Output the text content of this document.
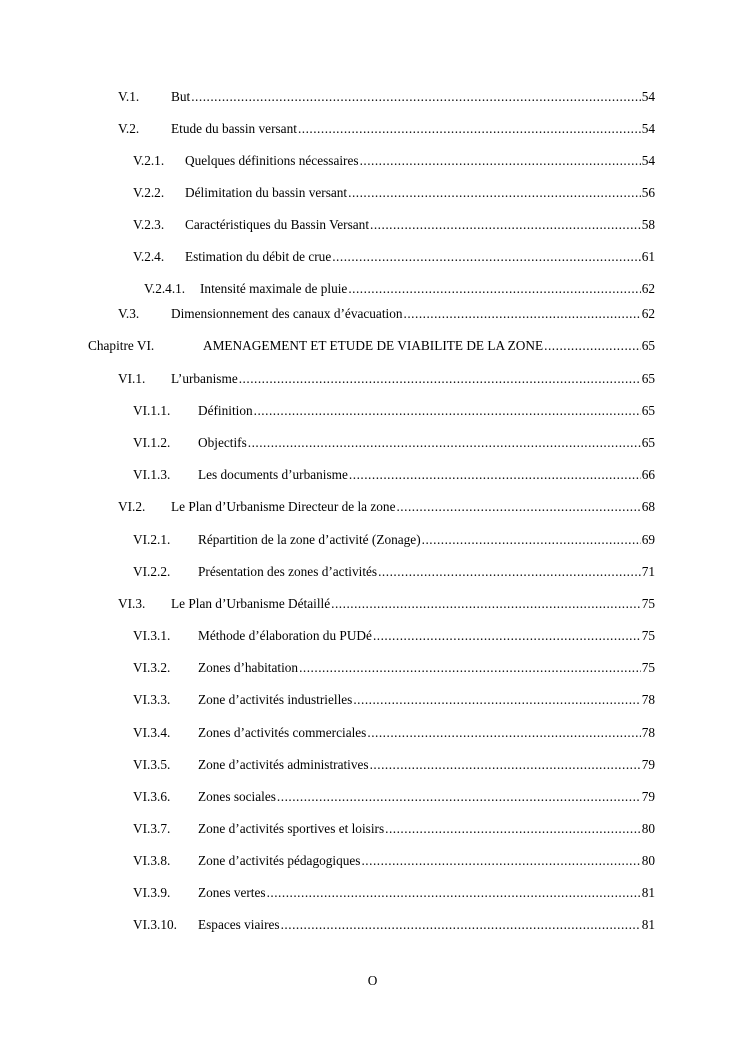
V.1. But .....	54
V.2. Etude du bassin versant .....	54
V.2.1. Quelques définitions nécessaires .....	54
V.2.2. Délimitation du bassin versant .....	56
V.2.3. Caractéristiques du Bassin Versant .....	58
V.2.4. Estimation du débit de crue .....	61
V.2.4.1. Intensité maximale de pluie .....	62
V.3. Dimensionnement des canaux d’évacuation .....	62
Chapitre VI.	AMENAGEMENT ET ETUDE DE VIABILITE DE LA ZONE .....	65
VI.1. L’urbanisme .....	65
VI.1.1. Définition .....	65
VI.1.2. Objectifs .....	65
VI.1.3. Les documents d’urbanisme .....	66
VI.2. Le Plan d’Urbanisme Directeur de la zone .....	68
VI.2.1. Répartition de la zone d’activité (Zonage) .....	69
VI.2.2. Présentation des zones d’activités .....	71
VI.3. Le Plan d’Urbanisme Détaillé .....	75
VI.3.1. Méthode d’élaboration du PUDé .....	75
VI.3.2. Zones d’habitation .....	75
VI.3.3. Zone d’activités industrielles .....	78
VI.3.4. Zones d’activités commerciales .....	78
VI.3.5. Zone d’activités administratives .....	79
VI.3.6. Zones sociales .....	79
VI.3.7. Zone d’activités sportives et loisirs .....	80
VI.3.8. Zone d’activités pédagogiques .....	80
VI.3.9. Zones vertes .....	81
VI.3.10. Espaces viaires .....	81
O
